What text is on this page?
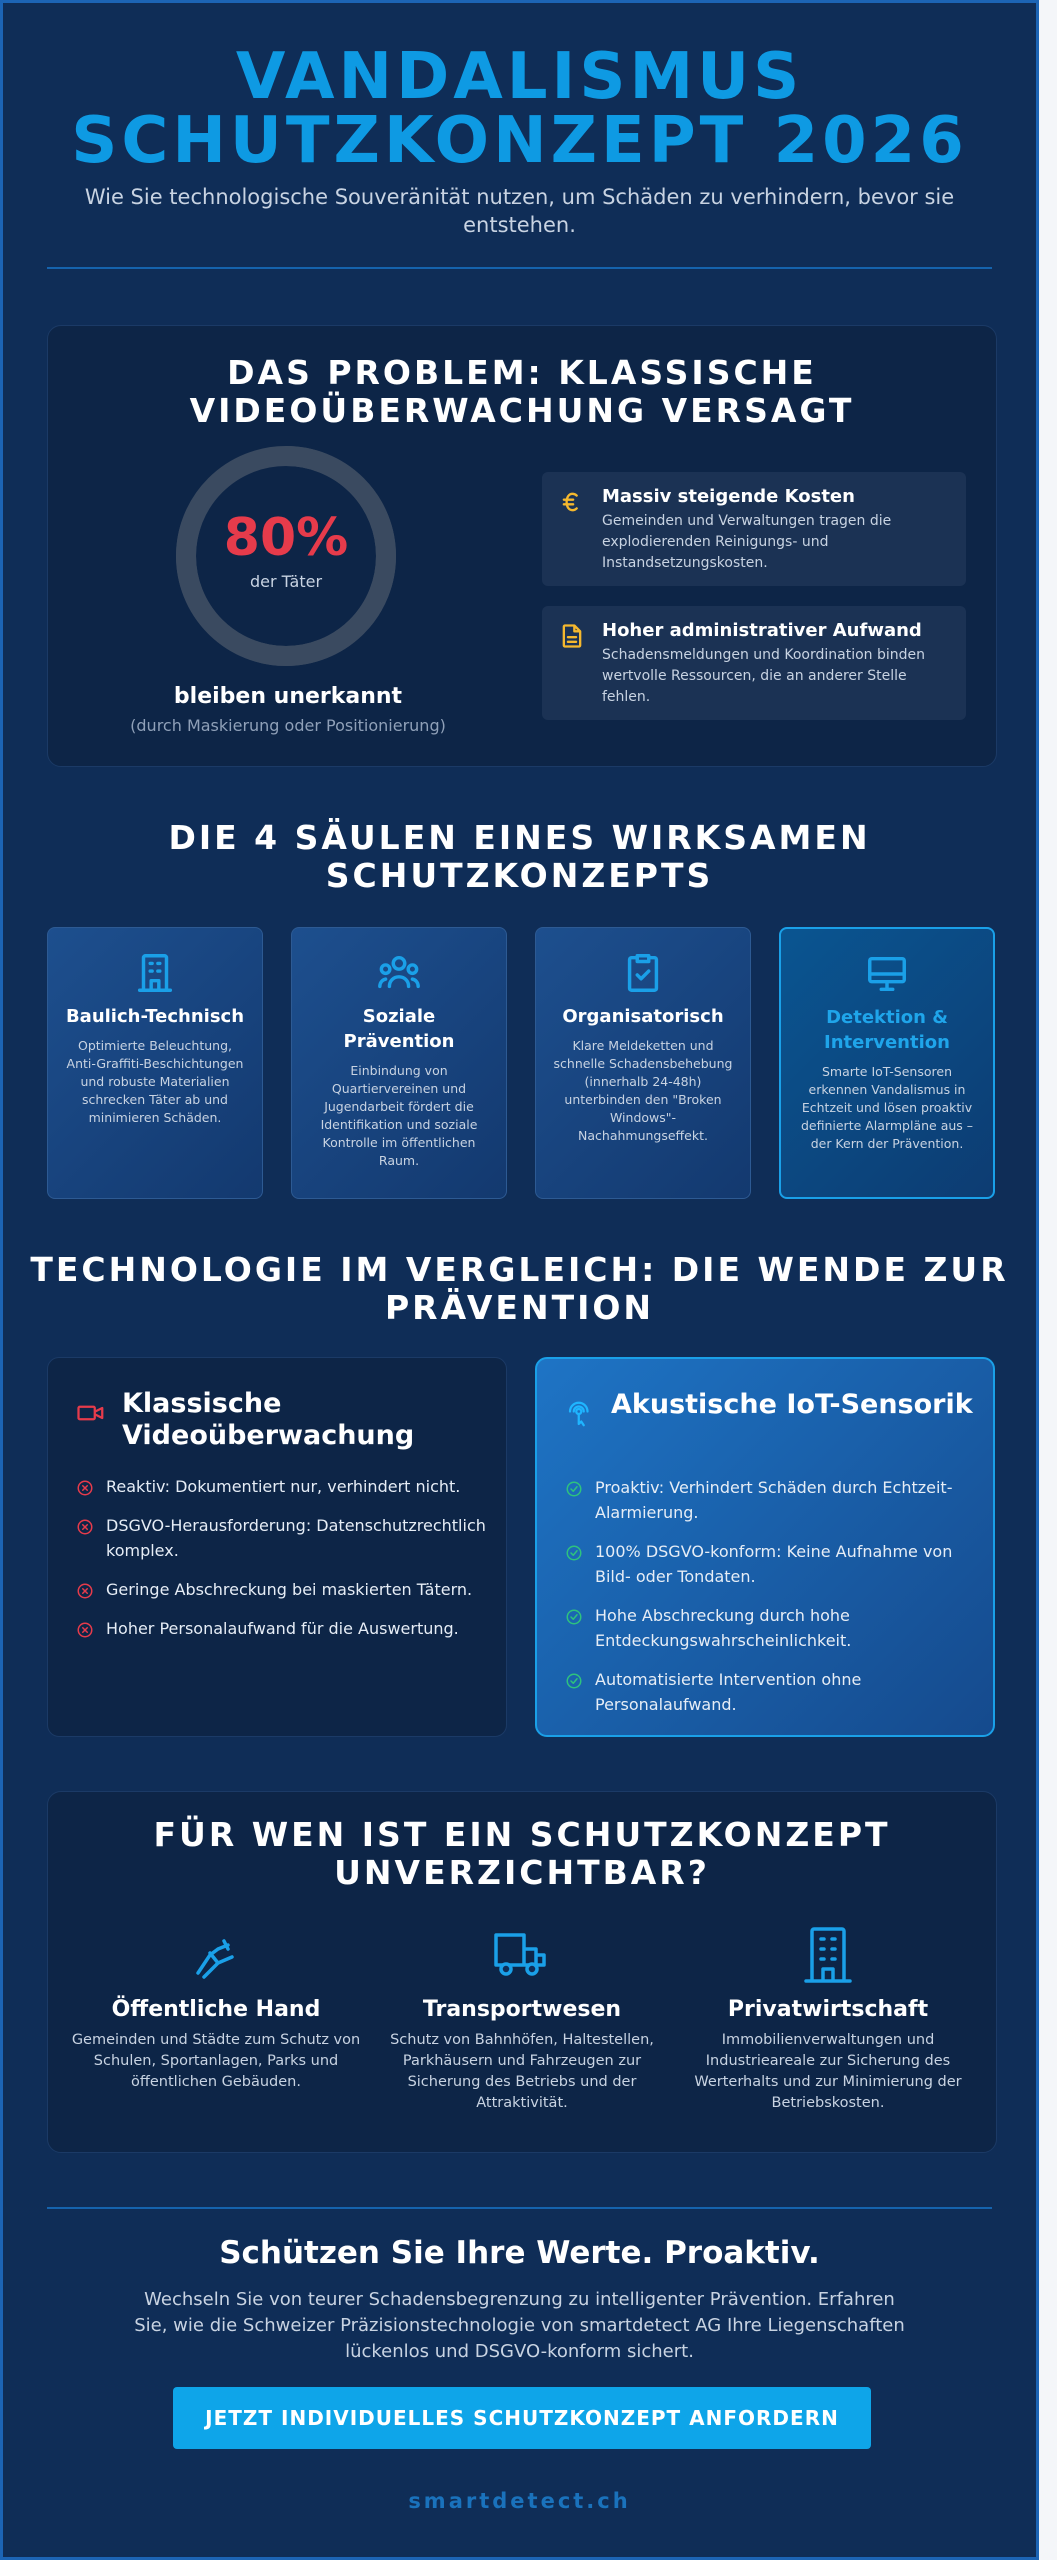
VANDALISMUS
SCHUTZKONZEPT 2026

Wie Sie technologische Souveränität nutzen, um Schäden zu verhindern, bevor sie entstehen.

DAS PROBLEM: KLASSISCHE
VIDEOÜBERWACHUNG VERSAGT
80%
der Täter
bleiben unerkannt
(durch Maskierung oder Positionierung)
Massiv steigende Kosten
Gemeinden und Verwaltungen tragen die explodierenden Reinigungs- und Instandsetzungskosten.
Hoher administrativer Aufwand
Schadensmeldungen und Koordination binden wertvolle Ressourcen, die an anderer Stelle fehlen.
DIE 4 SÄULEN EINES WIRKSAMEN
SCHUTZKONZEPTS
Baulich-Technisch
Optimierte Beleuchtung, Anti-Graffiti-Beschichtungen und robuste Materialien schrecken Täter ab und minimieren Schäden.
Soziale Prävention
Einbindung von Quartiervereinen und Jugendarbeit fördert die Identifikation und soziale Kontrolle im öffentlichen Raum.
Organisatorisch
Klare Meldeketten und schnelle Schadensbehebung (innerhalb 24-48h) unterbinden den "Broken Windows"-Nachahmungseffekt.
Detektion & Intervention
Smarte IoT-Sensoren erkennen Vandalismus in Echtzeit und lösen proaktiv definierte Alarmpläne aus – der Kern der Prävention.
TECHNOLOGIE IM VERGLEICH: DIE WENDE ZUR
PRÄVENTION
Klassische Videoüberwachung
Reaktiv: Dokumentiert nur, verhindert nicht.
DSGVO-Herausforderung: Datenschutzrechtlich komplex.
Geringe Abschreckung bei maskierten Tätern.
Hoher Personalaufwand für die Auswertung.
Akustische IoT-Sensorik
Proaktiv: Verhindert Schäden durch Echtzeit-Alarmierung.
100% DSGVO-konform: Keine Aufnahme von Bild- oder Tondaten.
Hohe Abschreckung durch hohe Entdeckungswahrscheinlichkeit.
Automatisierte Intervention ohne Personalaufwand.
FÜR WEN IST EIN SCHUTZKONZEPT
UNVERZICHTBAR?
Öffentliche Hand
Gemeinden und Städte zum Schutz von Schulen, Sportanlagen, Parks und öffentlichen Gebäuden.
Transportwesen
Schutz von Bahnhöfen, Haltestellen, Parkhäusern und Fahrzeugen zur Sicherung des Betriebs und der Attraktivität.
Privatwirtschaft
Immobilienverwaltungen und Industrieareale zur Sicherung des Werterhalts und zur Minimierung der Betriebskosten.
Schützen Sie Ihre Werte. Proaktiv.

Wechseln Sie von teurer Schadensbegrenzung zu intelligenter Prävention. Erfahren Sie, wie die Schweizer Präzisionstechnologie von smartdetect AG Ihre Liegenschaften lückenlos und DSGVO-konform sichert.

JETZT INDIVIDUELLES SCHUTZKONZEPT ANFORDERN
smartdetect.ch
